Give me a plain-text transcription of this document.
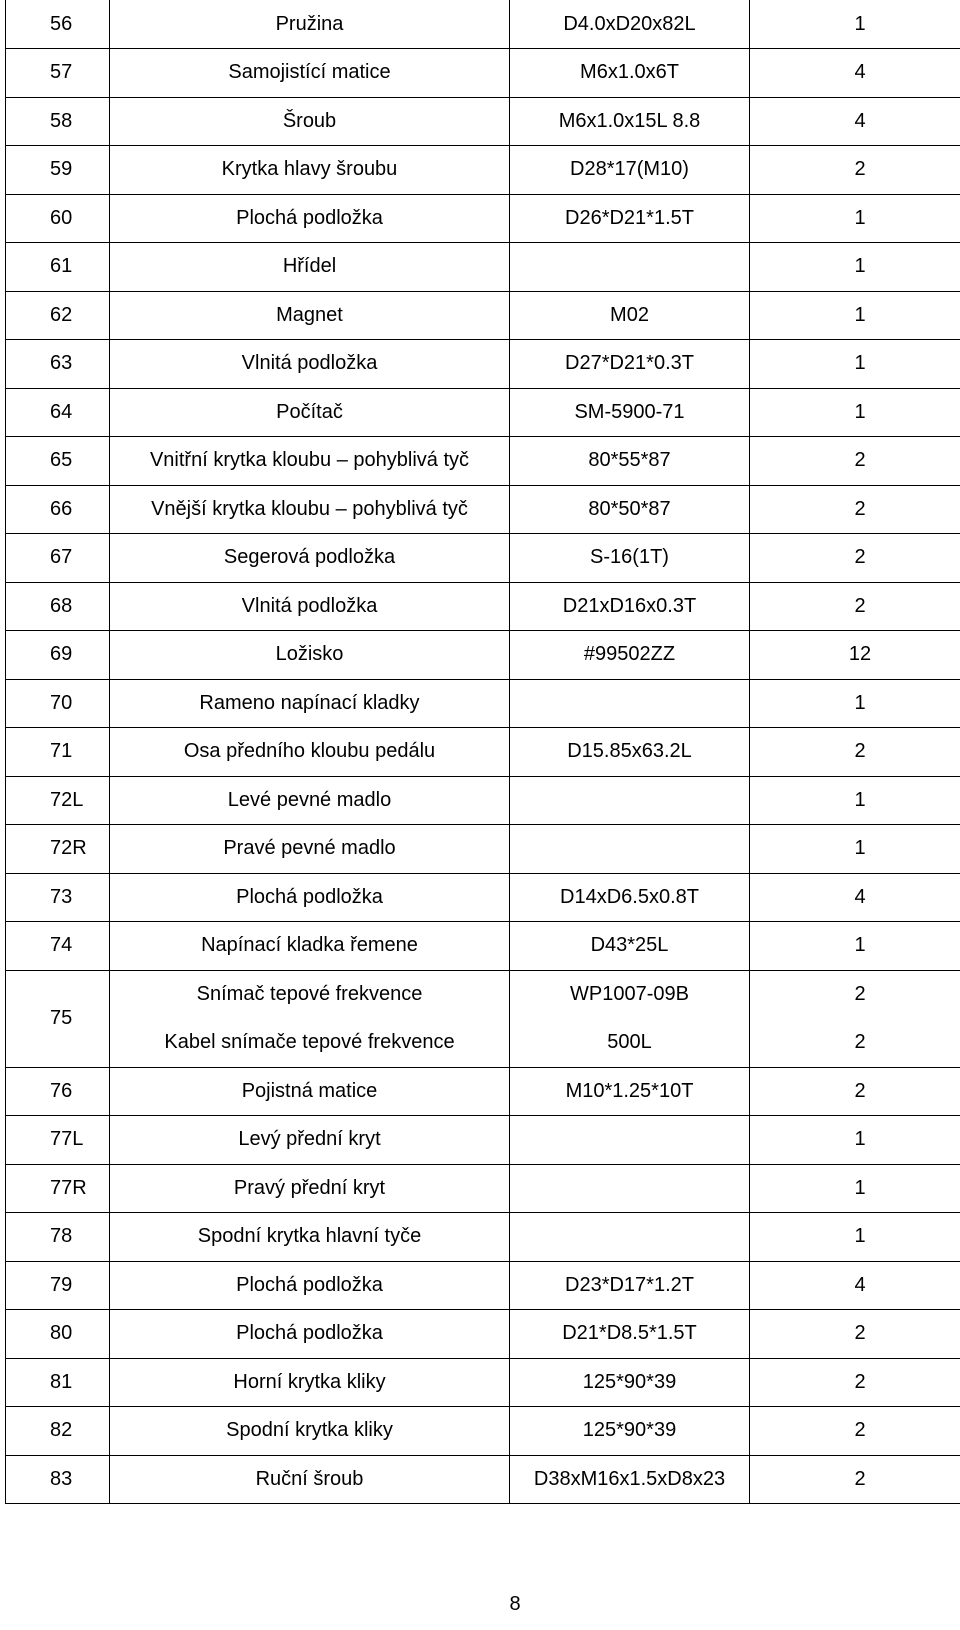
56	Pružina	D4.0xD20x82L	1
57	Samojistící matice	M6x1.0x6T	4
58	Šroub	M6x1.0x15L 8.8	4
59	Krytka hlavy šroubu	D28*17(M10)	2
60	Plochá podložka	D26*D21*1.5T	1
61	Hřídel		1
62	Magnet	M02	1
63	Vlnitá podložka	D27*D21*0.3T	1
64	Počítač	SM-5900-71	1
65	Vnitřní krytka kloubu – pohyblivá tyč	80*55*87	2
66	Vnější krytka kloubu – pohyblivá tyč	80*50*87	2
67	Segerová podložka	S-16(1T)	2
68	Vlnitá podložka	D21xD16x0.3T	2
69	Ložisko	#99502ZZ	12
70	Rameno napínací kladky		1
71	Osa předního kloubu pedálu	D15.85x63.2L	2
72L	Levé pevné madlo		1
72R	Pravé pevné madlo		1
73	Plochá podložka	D14xD6.5x0.8T	4
74	Napínací kladka řemene	D43*25L	1
75	Snímač tepové frekvence	WP1007-09B	2
	Kabel snímače tepové frekvence	500L	2
76	Pojistná matice	M10*1.25*10T	2
77L	Levý přední kryt		1
77R	Pravý přední kryt		1
78	Spodní krytka hlavní tyče		1
79	Plochá podložka	D23*D17*1.2T	4
80	Plochá podložka	D21*D8.5*1.5T	2
81	Horní krytka kliky	125*90*39	2
82	Spodní krytka kliky	125*90*39	2
83	Ruční šroub	D38xM16x1.5xD8x23	2
8
